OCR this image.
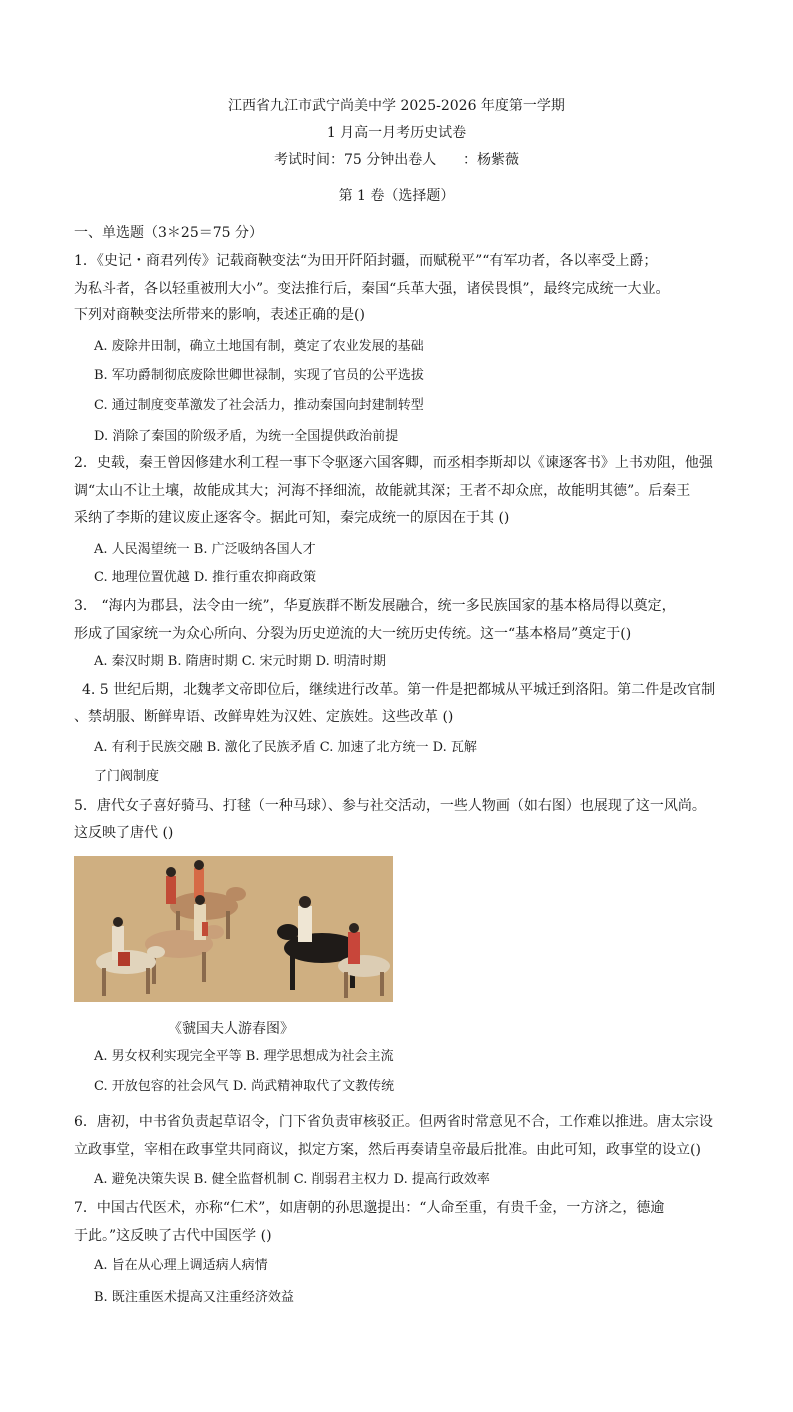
江西省九江市武宁尚美中学 2025-2026 年度第一学期
1 月高一月考历史试卷
考试时间：75 分钟出卷人      ：杨紫薇
第 1 卷（选择题）
一、单选题（3＊25＝75 分）
1．《史记・商君列传》记载商鞅变法“为田开阡陌封疆，而赋税平”“有军功者，各以率受上爵；
为私斗者，各以轻重被刑大小”。变法推行后，秦国“兵革大强，诸侯畏惧”，最终完成统一大业。
下列对商鞅变法所带来的影响，表述正确的是()
A. 废除井田制，确立土地国有制，奠定了农业发展的基础
B. 军功爵制彻底废除世卿世禄制，实现了官员的公平选拔
C. 通过制度变革激发了社会活力，推动秦国向封建制转型
D. 消除了秦国的阶级矛盾，为统一全国提供政治前提
2．史载，秦王曾因修建水利工程一事下令驱逐六国客卿，而丞相李斯却以《谏逐客书》上书劝阻，他强
调“太山不让土壤，故能成其大；河海不择细流，故能就其深；王者不却众庶，故能明其德”。后秦王
采纳了李斯的建议废止逐客令。据此可知，秦完成统一的原因在于其 ()
A. 人民渴望统一 B. 广泛吸纳各国人才
C. 地理位置优越 D. 推行重农抑商政策
3． “海内为郡县，法令由一统”，华夏族群不断发展融合，统一多民族国家的基本格局得以奠定，
形成了国家统一为众心所向、分裂为历史逆流的大一统历史传统。这一“基本格局”奠定于()
A. 秦汉时期 B. 隋唐时期 C. 宋元时期 D. 明清时期
4. 5 世纪后期，北魏孝文帝即位后，继续进行改革。第一件是把都城从平城迁到洛阳。第二件是改官制
、禁胡服、断鲜卑语、改鲜卑姓为汉姓、定族姓。这些改革 ()
A. 有利于民族交融 B. 激化了民族矛盾 C. 加速了北方统一 D. 瓦解
了门阀制度
5．唐代女子喜好骑马、打毬（一种马球）、参与社交活动，一些人物画（如右图）也展现了这一风尚。
这反映了唐代 ()
《虢国夫人游春图》
A. 男女权利实现完全平等 B. 理学思想成为社会主流
C. 开放包容的社会风气 D. 尚武精神取代了文教传统
6．唐初，中书省负责起草诏令，门下省负责审核驳正。但两省时常意见不合，工作难以推进。唐太宗设
立政事堂，宰相在政事堂共同商议，拟定方案，然后再奏请皇帝最后批准。由此可知，政事堂的设立()
A. 避免决策失误 B. 健全监督机制 C. 削弱君主权力 D. 提高行政效率
7．中国古代医术，亦称“仁术”，如唐朝的孙思邈提出：“人命至重，有贵千金，一方济之，德逾
于此。”这反映了古代中国医学 ()
A. 旨在从心理上调适病人病情
B. 既注重医术提高又注重经济效益
